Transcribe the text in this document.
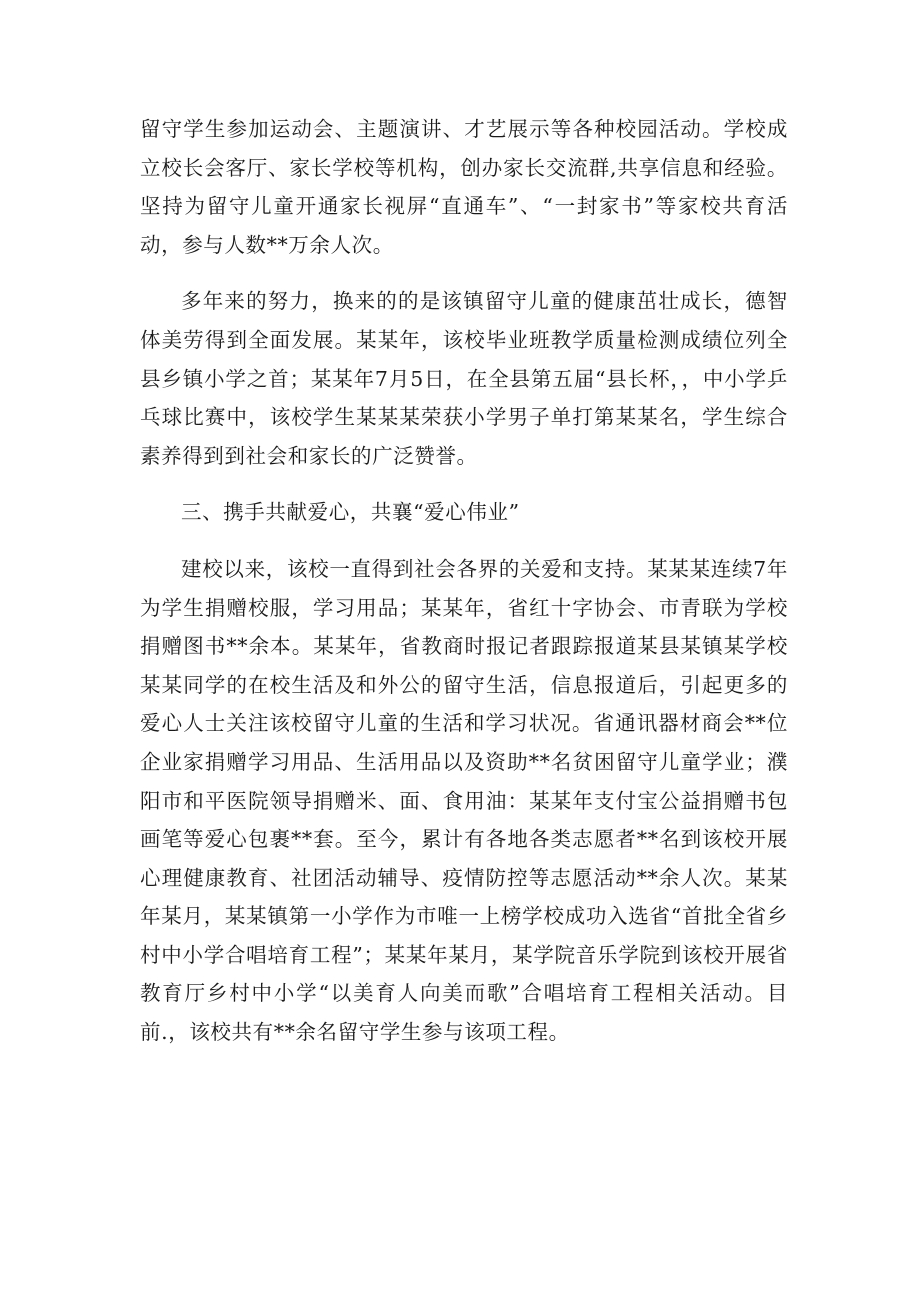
留守学生参加运动会、主题演讲、才艺展示等各种校园活动。学校成立校长会客厅、家长学校等机构，创办家长交流群,共享信息和经验。坚持为留守儿童开通家长视屏“直通车”、“一封家书”等家校共育活动，参与人数**万余人次。

多年来的努力，换来的的是该镇留守儿童的健康茁壮成长，德智体美劳得到全面发展。某某年，该校毕业班教学质量检测成绩位列全县乡镇小学之首；某某年7月5日，在全县第五届“县长杯，，中小学乒乓球比赛中，该校学生某某某荣获小学男子单打第某某名，学生综合素养得到到社会和家长的广泛赞誉。

三、携手共献爱心，共襄“爱心伟业”

建校以来，该校一直得到社会各界的关爱和支持。某某某连续7年为学生捐赠校服，学习用品；某某年，省红十字协会、市青联为学校捐赠图书**余本。某某年，省教商时报记者跟踪报道某县某镇某学校某某同学的在校生活及和外公的留守生活，信息报道后，引起更多的爱心人士关注该校留守儿童的生活和学习状况。省通讯器材商会**位企业家捐赠学习用品、生活用品以及资助**名贫困留守儿童学业；濮阳市和平医院领导捐赠米、面、食用油：某某年支付宝公益捐赠书包画笔等爱心包裹**套。至今，累计有各地各类志愿者**名到该校开展心理健康教育、社团活动辅导、疫情防控等志愿活动**余人次。某某年某月，某某镇第一小学作为市唯一上榜学校成功入选省“首批全省乡村中小学合唱培育工程”；某某年某月，某学院音乐学院到该校开展省教育厅乡村中小学“以美育人向美而歌”合唱培育工程相关活动。目前.，该校共有**余名留守学生参与该项工程。
